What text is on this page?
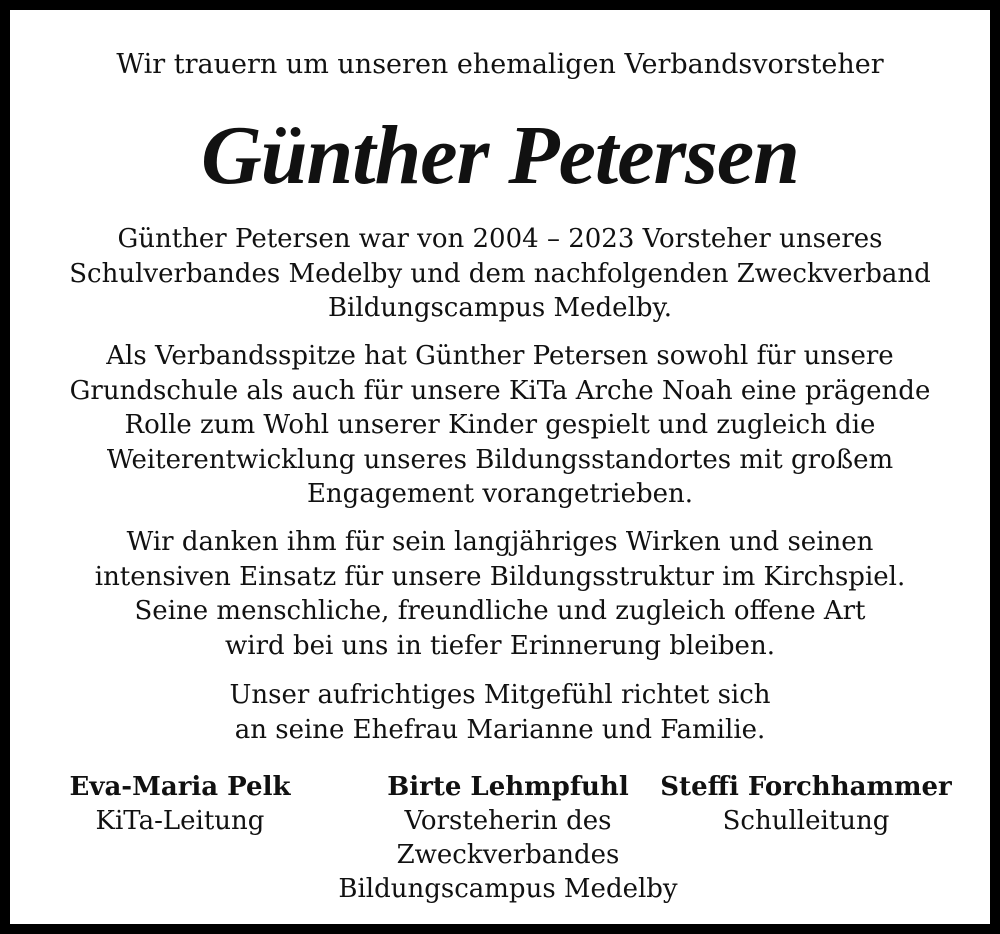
Wir trauern um unseren ehemaligen Verbandsvorsteher
Günther Petersen
Günther Petersen war von 2004 – 2023 Vorsteher unseres
Schulverbandes Medelby und dem nachfolgenden Zweckverband
Bildungscampus Medelby.
Als Verbandsspitze hat Günther Petersen sowohl für unsere
Grundschule als auch für unsere KiTa Arche Noah eine prägende
Rolle zum Wohl unserer Kinder gespielt und zugleich die
Weiterentwicklung unseres Bildungsstandortes mit großem
Engagement vorangetrieben.
Wir danken ihm für sein langjähriges Wirken und seinen
intensiven Einsatz für unsere Bildungsstruktur im Kirchspiel.
Seine menschliche, freundliche und zugleich offene Art
wird bei uns in tiefer Erinnerung bleiben.
Unser aufrichtiges Mitgefühl richtet sich
an seine Ehefrau Marianne und Familie.
Eva-Maria Pelk
KiTa-Leitung
Birte Lehmpfuhl
Vorsteherin des
Zweckverbandes
Bildungscampus Medelby
Steffi Forchhammer
Schulleitung
